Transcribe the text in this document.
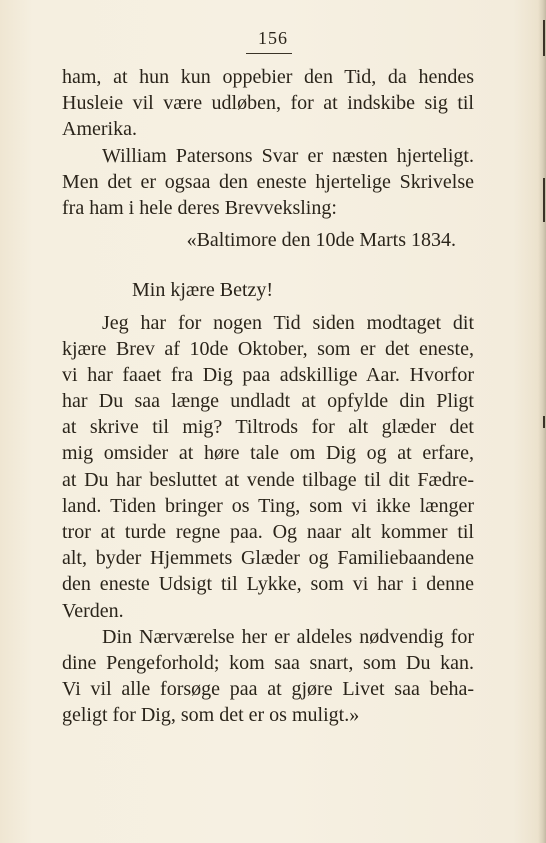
156
ham, at hun kun oppebier den Tid, da hendes
Husleie vil være udløben, for at indskibe sig til
Amerika.
William Patersons Svar er næsten hjerteligt.
Men det er ogsaa den eneste hjertelige Skrivelse
fra ham i hele deres Brevveksling:
«Baltimore den 10de Marts 1834.
Min kjære Betzy!
Jeg har for nogen Tid siden modtaget dit
kjære Brev af 10de Oktober, som er det eneste,
vi har faaet fra Dig paa adskillige Aar. Hvorfor
har Du saa længe undladt at opfylde din Pligt
at skrive til mig? Tiltrods for alt glæder det
mig omsider at høre tale om Dig og at erfare,
at Du har besluttet at vende tilbage til dit Fædre-
land. Tiden bringer os Ting, som vi ikke længer
tror at turde regne paa. Og naar alt kommer til
alt, byder Hjemmets Glæder og Familiebaandene
den eneste Udsigt til Lykke, som vi har i denne
Verden.
Din Nærværelse her er aldeles nødvendig for
dine Pengeforhold; kom saa snart, som Du kan.
Vi vil alle forsøge paa at gjøre Livet saa beha-
geligt for Dig, som det er os muligt.»
